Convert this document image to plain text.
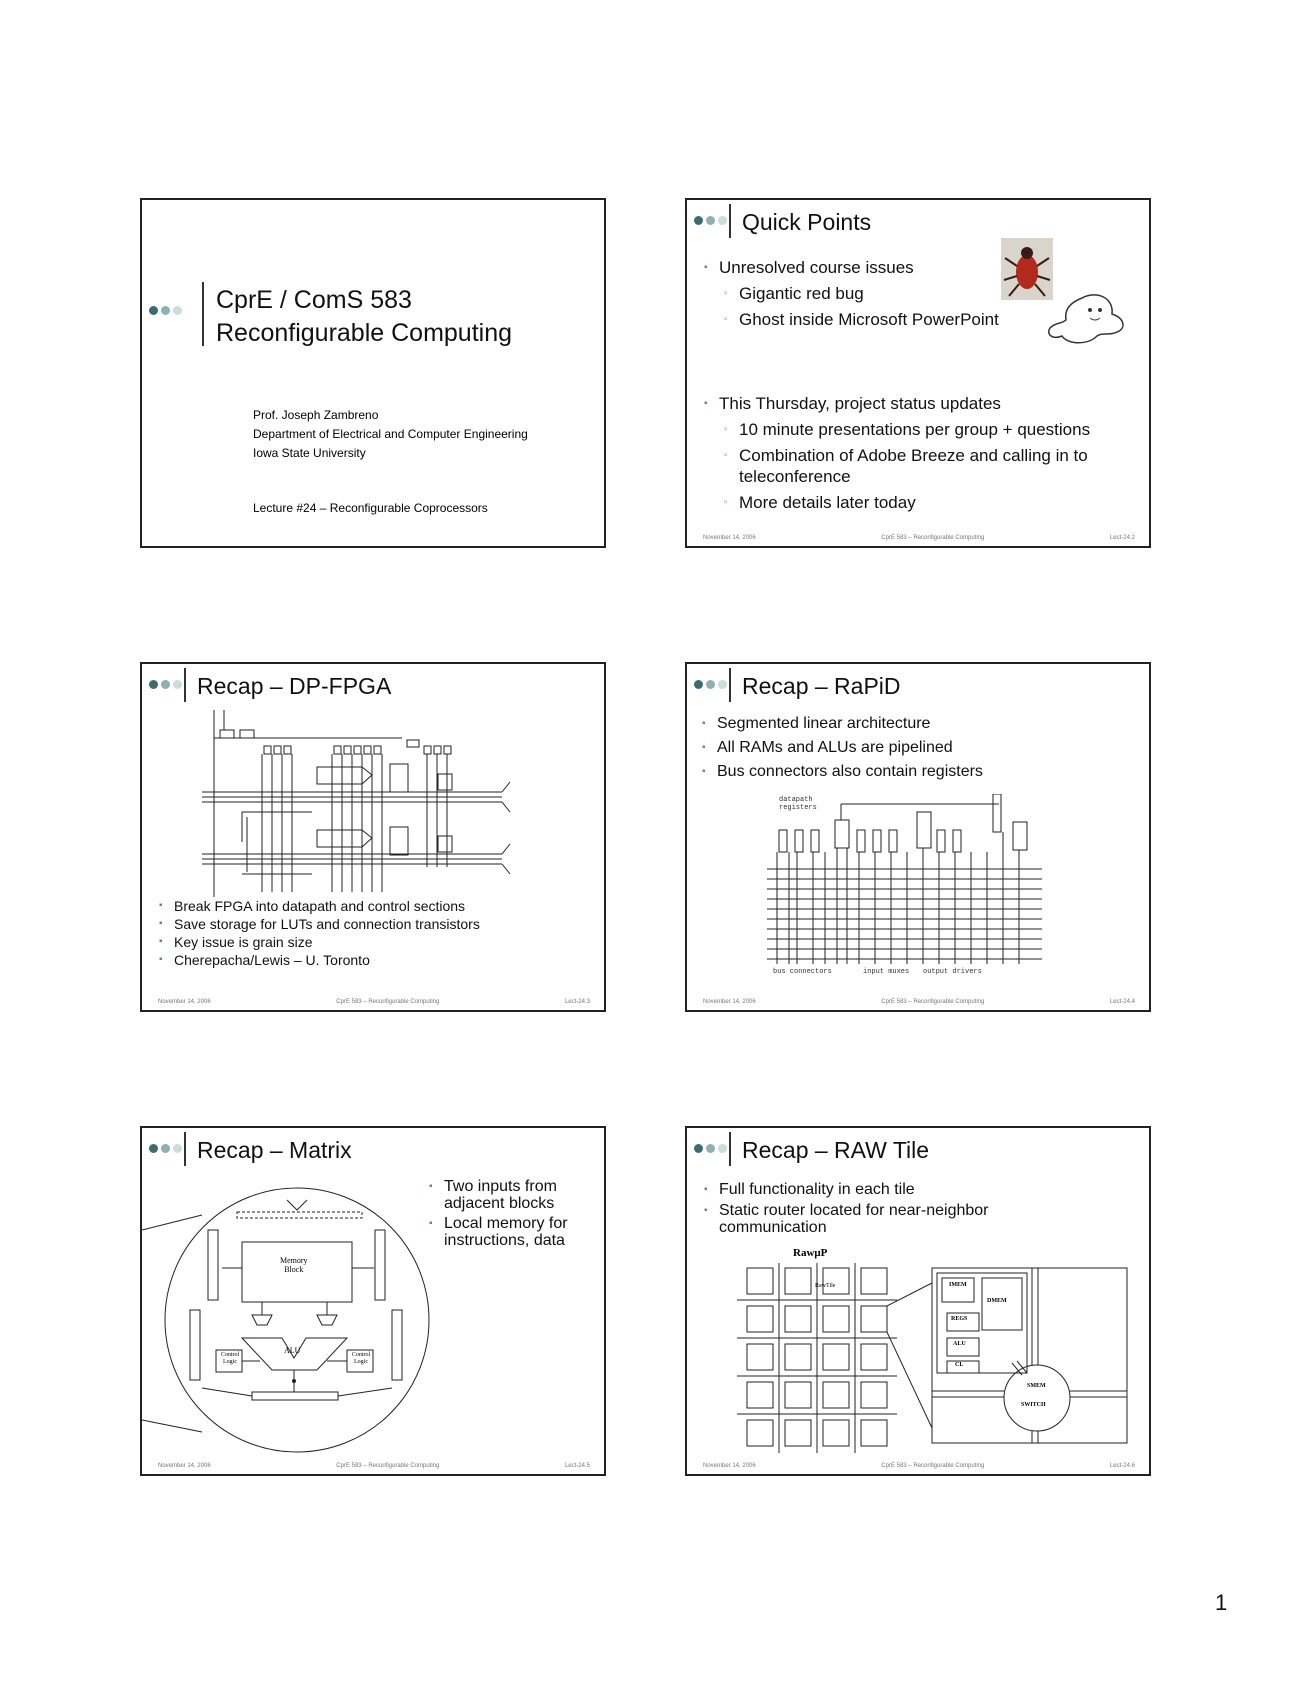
CprE / ComS 583
Reconfigurable Computing
Prof. Joseph Zambreno
Department of Electrical and Computer Engineering
Iowa State University
Lecture #24 – Reconfigurable Coprocessors
Quick Points
▪ Unresolved course issues
▫ Gigantic red bug
▫ Ghost inside Microsoft PowerPoint
▪ This Thursday, project status updates
▫ 10 minute presentations per group + questions
▫ Combination of Adobe Breeze and calling in to teleconference
▫ More details later today
November 14, 2006	CprE 583 – Reconfigurable Computing	Lect-24.2
Recap – DP-FPGA
▪ Break FPGA into datapath and control sections
▪ Save storage for LUTs and connection transistors
▪ Key issue is grain size
▪ Cherepacha/Lewis – U. Toronto
November 14, 2006	CprE 583 – Reconfigurable Computing	Lect-24.3
Recap – RaPiD
▪ Segmented linear architecture
▪ All RAMs and ALUs are pipelined
▪ Bus connectors also contain registers
datapath
registers
bus connectors	input muxes output drivers
November 14, 2006	CprE 583 – Reconfigurable Computing	Lect-24.4
Recap – Matrix
Memory
Block
ALU
Control Logic
Control Logic
▪ Two inputs from adjacent blocks
▪ Local memory for instructions, data
November 14, 2006	CprE 583 – Reconfigurable Computing	Lect-24.5
Recap – RAW Tile
▪ Full functionality in each tile
▪ Static router located for near-neighbor communication
RawμP
RawTile	IMEM
DMEM
REGS
ALU
CL
SMEM
SWITCH
November 14, 2006	CprE 583 – Reconfigurable Computing	Lect-24.6
1
